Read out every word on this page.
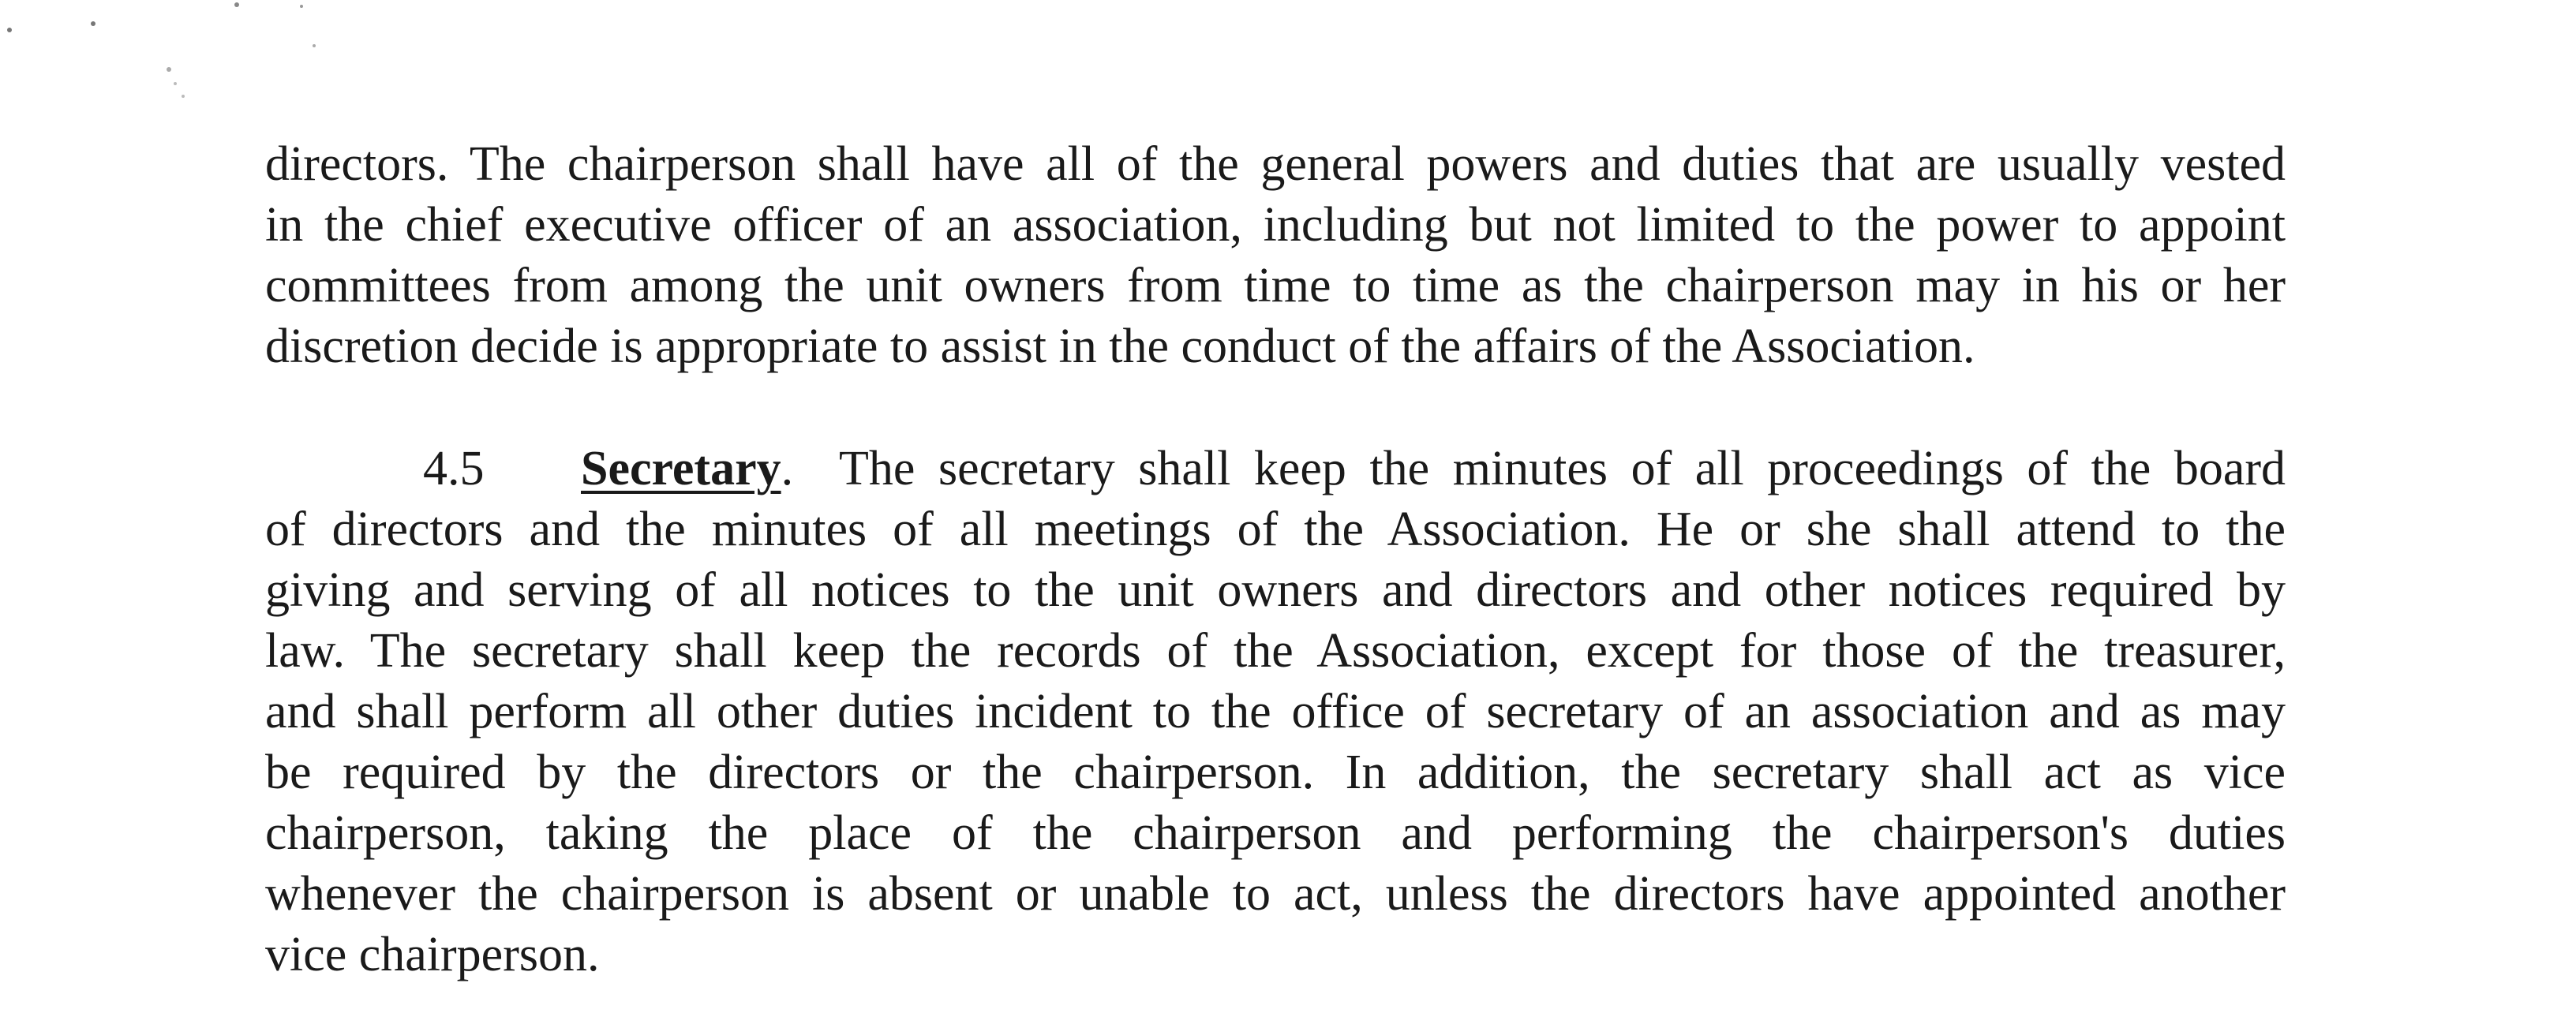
directors. The chairperson shall have all of the general powers and duties that are usually vested
in the chief executive officer of an association, including but not limited to the power to appoint
committees from among the unit owners from time to time as the chairperson may in his or her
discretion decide is appropriate to assist in the conduct of the affairs of the Association.
4.5 Secretary.  The secretary shall keep the minutes of all proceedings of the board
of directors and the minutes of all meetings of the Association. He or she shall attend to the
giving and serving of all notices to the unit owners and directors and other notices required by
law. The secretary shall keep the records of the Association, except for those of the treasurer,
and shall perform all other duties incident to the office of secretary of an association and as may
be required by the directors or the chairperson. In addition, the secretary shall act as vice
chairperson, taking the place of the chairperson and performing the chairperson's duties
whenever the chairperson is absent or unable to act, unless the directors have appointed another
vice chairperson.
